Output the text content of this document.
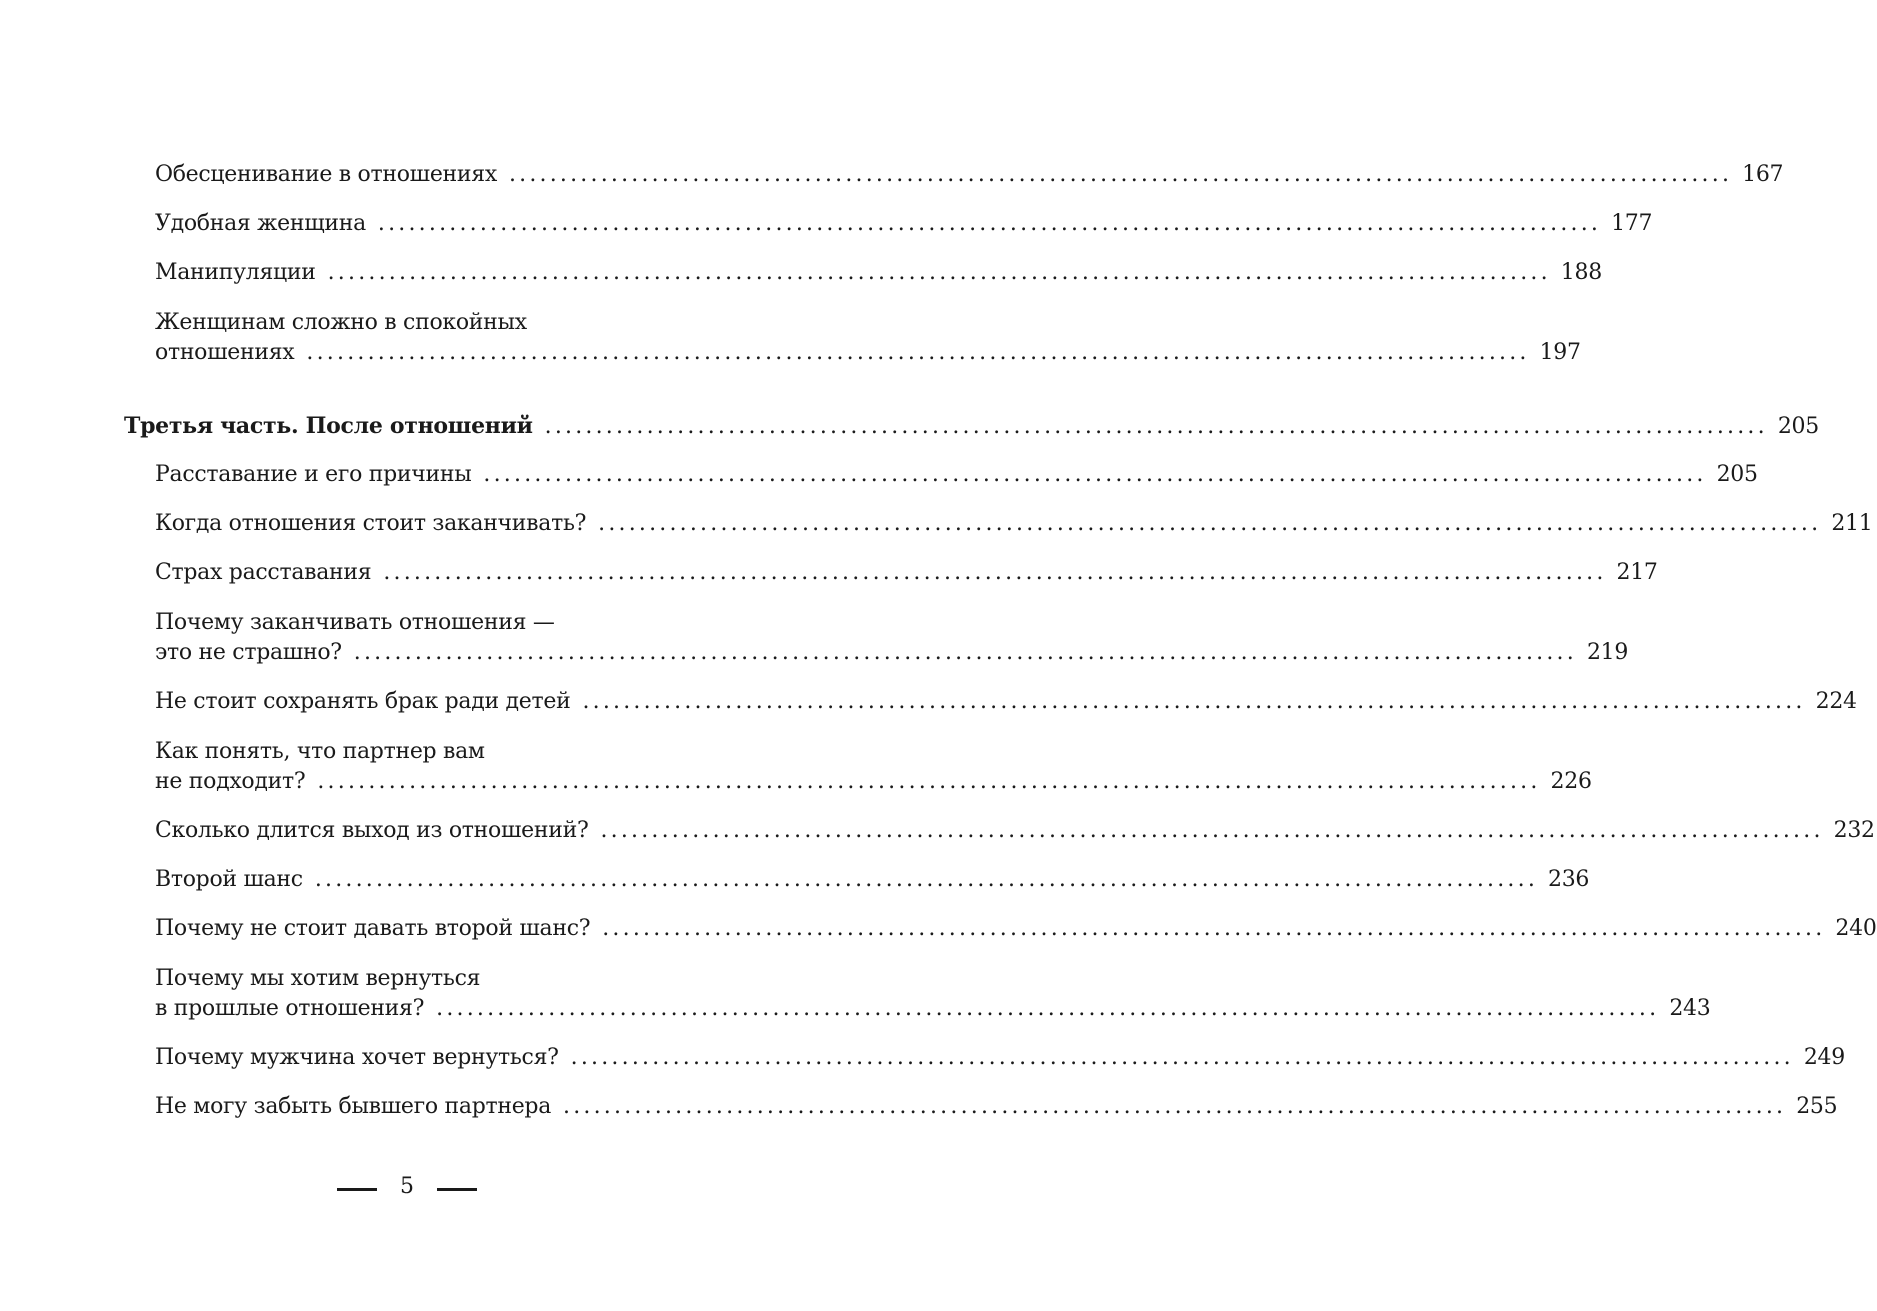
Обесценивание в отношениях ........................................................................................................................ 167
Удобная женщина ........................................................................................................................ 177
Манипуляции ........................................................................................................................ 188
Женщинам сложно в спокойных
отношениях ........................................................................................................................ 197
Третья часть. После отношений ........................................................................................................................ 205
Расставание и его причины ........................................................................................................................ 205
Когда отношения стоит заканчивать? ........................................................................................................................ 211
Страх расставания ........................................................................................................................ 217
Почему заканчивать отношения —
это не страшно? ........................................................................................................................ 219
Не стоит сохранять брак ради детей ........................................................................................................................ 224
Как понять, что партнер вам
не подходит? ........................................................................................................................ 226
Сколько длится выход из отношений? ........................................................................................................................ 232
Второй шанс ........................................................................................................................ 236
Почему не стоит давать второй шанс? ........................................................................................................................ 240
Почему мы хотим вернуться
в прошлые отношения? ........................................................................................................................ 243
Почему мужчина хочет вернуться? ........................................................................................................................ 249
Не могу забыть бывшего партнера ........................................................................................................................ 255
5
